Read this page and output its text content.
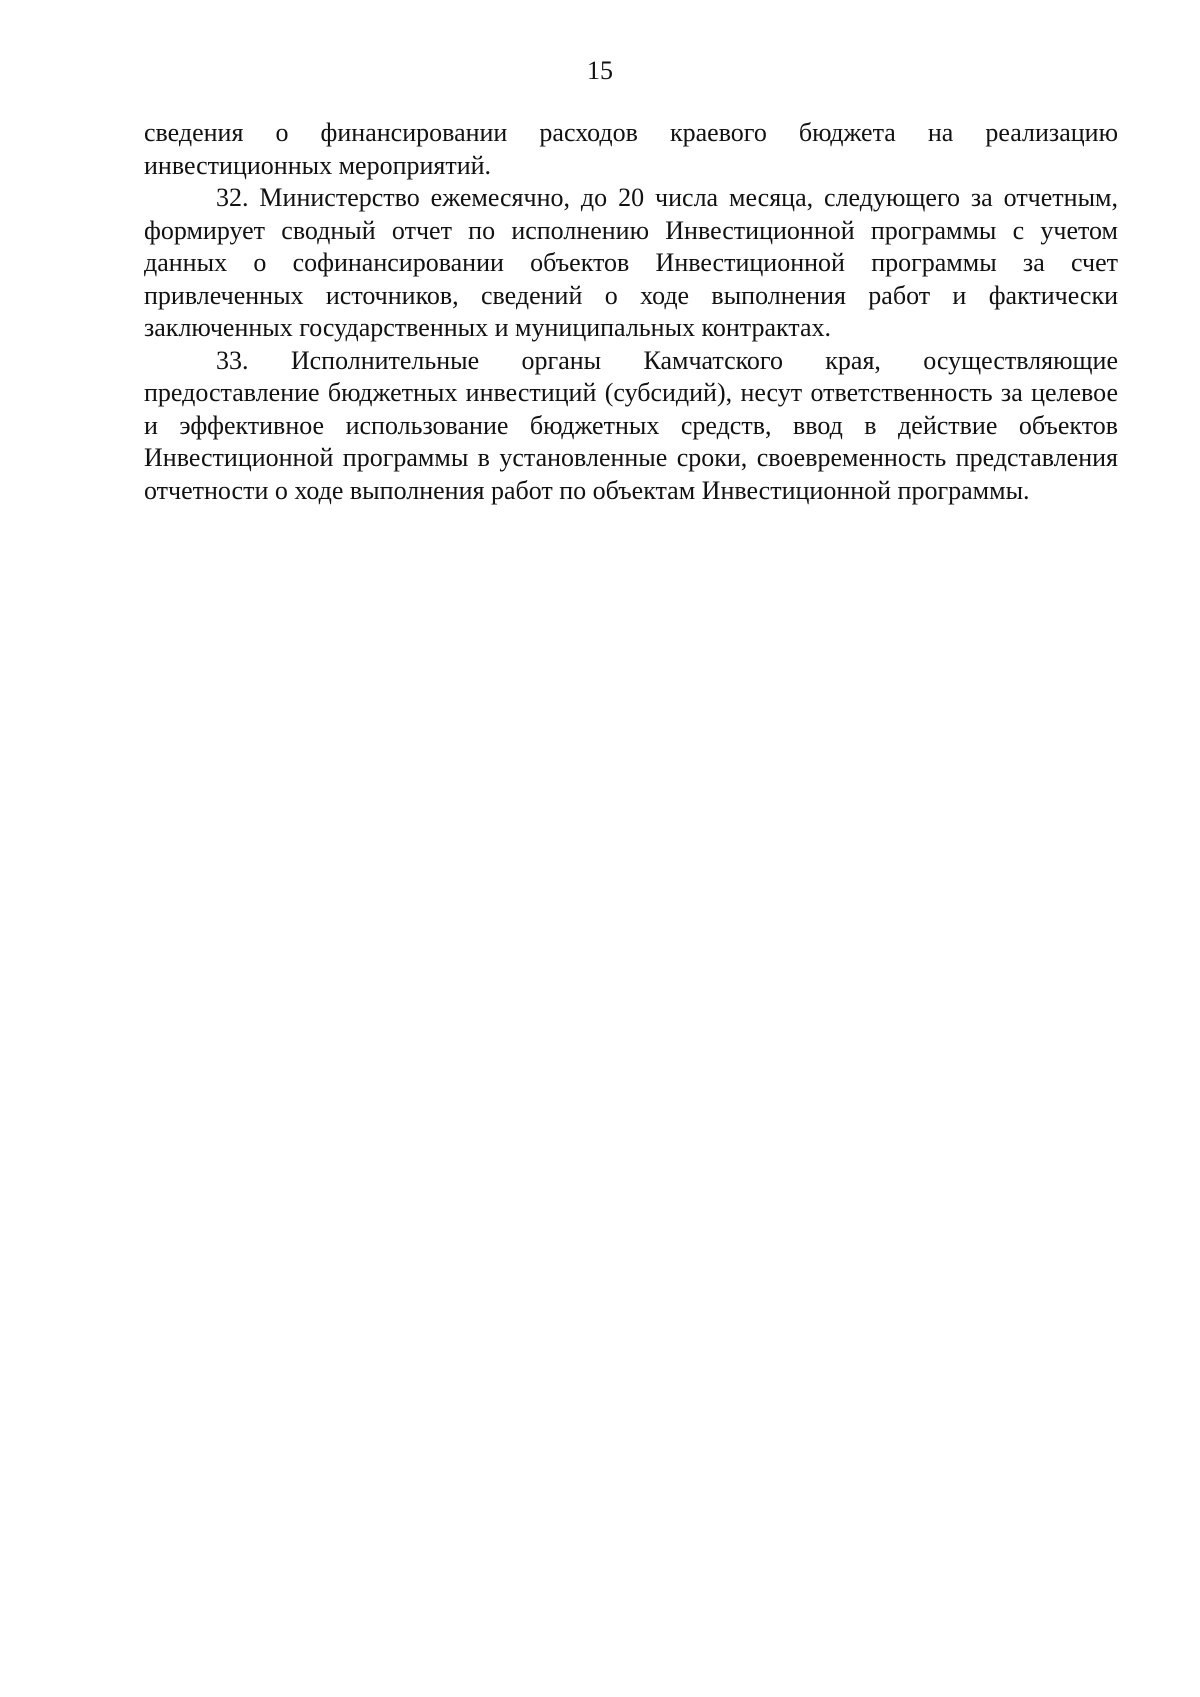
15

сведения о финансировании расходов краевого бюджета на реализацию инвестиционных мероприятий.

32. Министерство ежемесячно, до 20 числа месяца, следующего за отчетным, формирует сводный отчет по исполнению Инвестиционной программы с учетом данных о софинансировании объектов Инвестиционной программы за счет привлеченных источников, сведений о ходе выполнения работ и фактически заключенных государственных и муниципальных контрактах.

33. Исполнительные органы Камчатского края, осуществляющие предоставление бюджетных инвестиций (субсидий), несут ответственность за целевое и эффективное использование бюджетных средств, ввод в действие объектов Инвестиционной программы в установленные сроки, своевременность представления отчетности о ходе выполнения работ по объектам Инвестиционной программы.
